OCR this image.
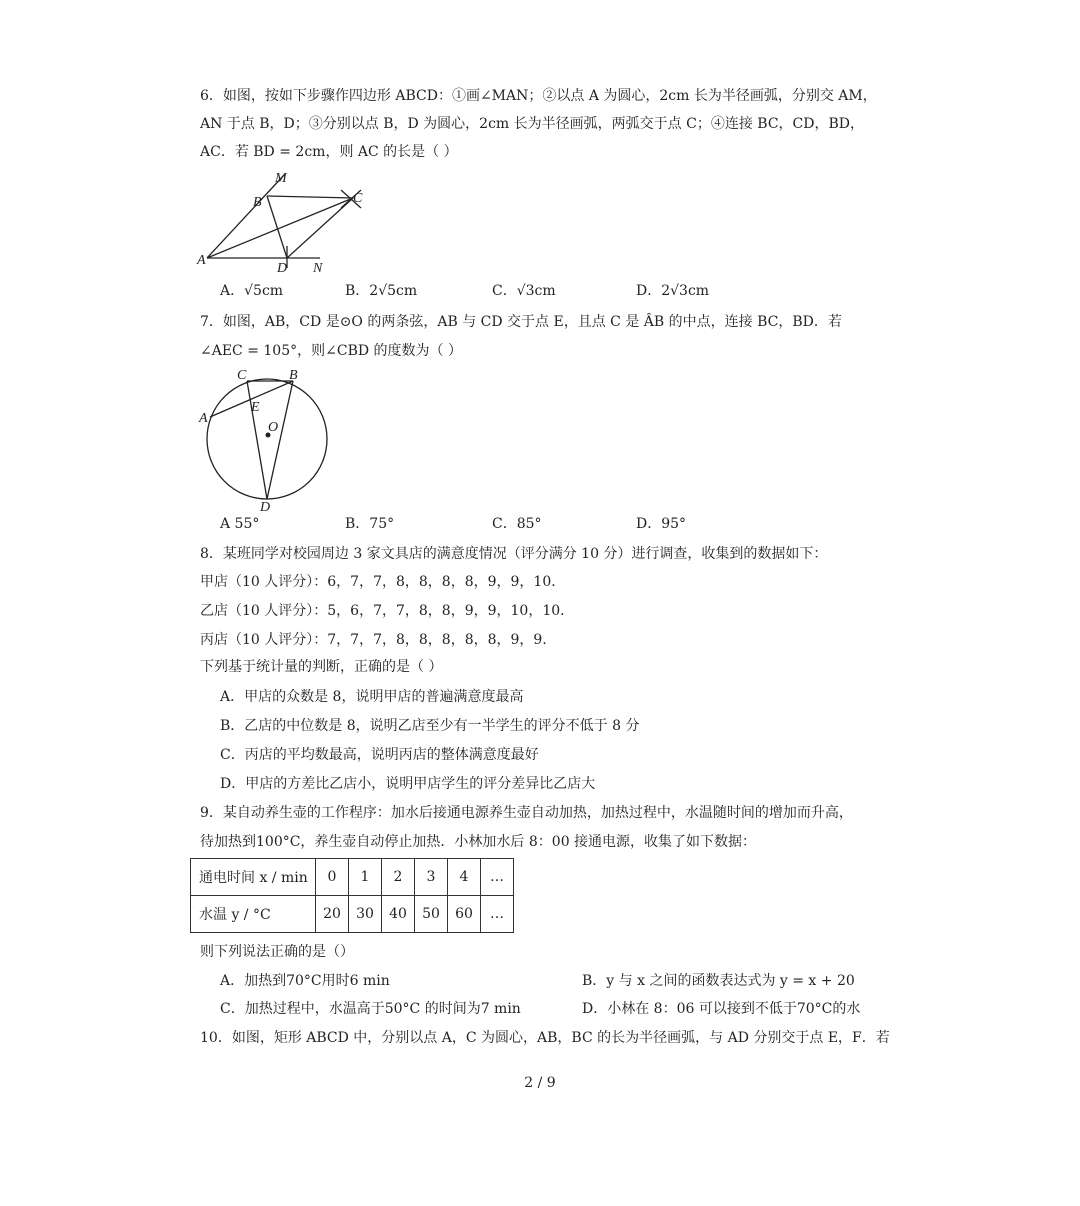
6．如图，按如下步骤作四边形 ABCD：①画∠MAN；②以点 A 为圆心，2cm 长为半径画弧，分别交 AM，
AN 于点 B，D；③分别以点 B，D 为圆心，2cm 长为半径画弧，两弧交于点 C；④连接 BC，CD，BD，
AC．若 BD = 2cm，则 AC 的长是（ ）
M
B	C
A
D N
A．√5cm	B．2√5cm	C．√3cm	D．2√3cm
7．如图，AB，CD 是⊙O 的两条弦，AB 与 CD 交于点 E，且点 C 是 ÂB 的中点，连接 BC，BD．若
∠AEC = 105°，则∠CBD 的度数为（ ）
C	B
A
E
O
D
A 55°	B．75°	C．85°	D．95°
8．某班同学对校园周边 3 家文具店的满意度情况（评分满分 10 分）进行调查，收集到的数据如下：
甲店（10 人评分）：6，7，7，8，8，8，8，9，9，10．
乙店（10 人评分）：5，6，7，7，8，8，9，9，10，10．
丙店（10 人评分）：7，7，7，8，8，8，8，8，9，9．
下列基于统计量的判断，正确的是（ ）
A．甲店的众数是 8，说明甲店的普遍满意度最高
B．乙店的中位数是 8，说明乙店至少有一半学生的评分不低于 8 分
C．丙店的平均数最高，说明丙店的整体满意度最好
D．甲店的方差比乙店小，说明甲店学生的评分差异比乙店大
9．某自动养生壶的工作程序：加水后接通电源养生壶自动加热，加热过程中，水温随时间的增加而升高，
待加热到100°C，养生壶自动停止加热．小林加水后 8：00 接通电源，收集了如下数据：
通电时间 x / min	0	1	2	3	4	…
水温 y / °C	20	30	40	50	60	…
则下列说法正确的是（）
A．加热到70°C用时6 min	B．y 与 x 之间的函数表达式为 y = x + 20
C．加热过程中，水温高于50°C 的时间为7 min	D．小林在 8：06 可以接到不低于70°C的水
10．如图，矩形 ABCD 中，分别以点 A，C 为圆心，AB，BC 的长为半径画弧，与 AD 分别交于点 E，F．若
2 / 9
